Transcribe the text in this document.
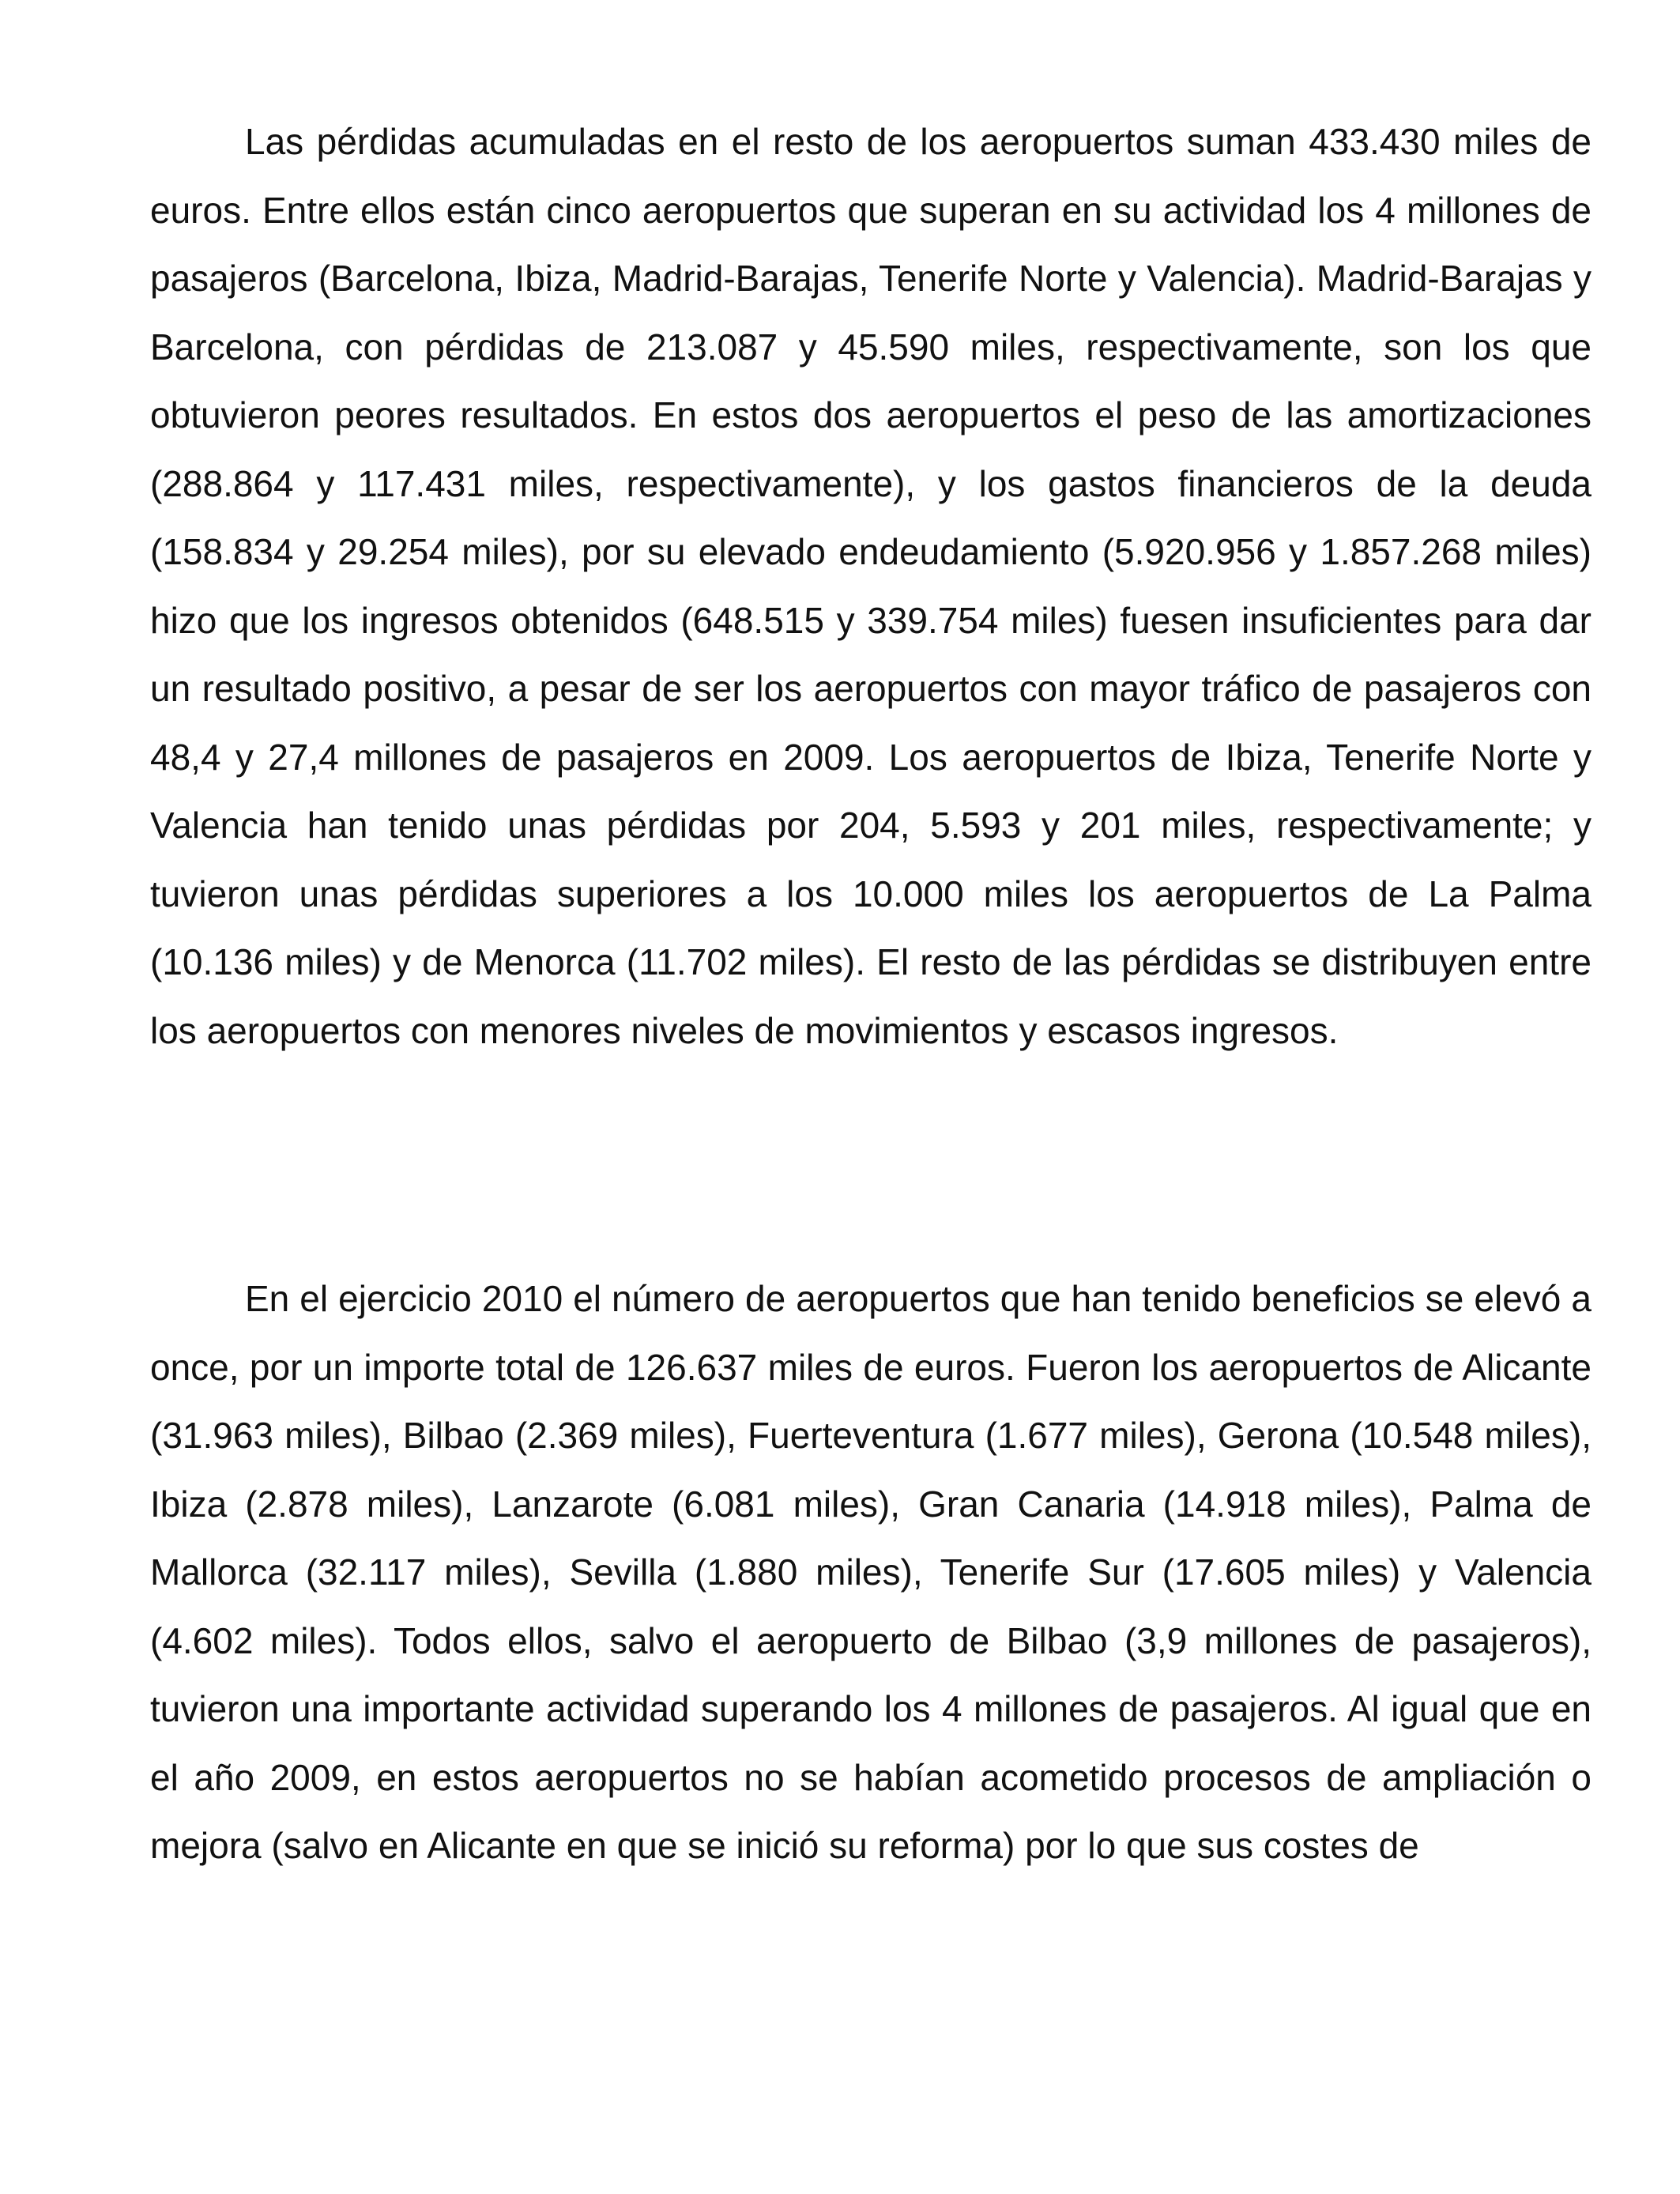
Las pérdidas acumuladas en el resto de los aeropuertos suman 433.430 miles de euros. Entre ellos están cinco aeropuertos que superan en su actividad los 4 millones de pasajeros (Barcelona, Ibiza, Madrid-Barajas, Tenerife Norte y Valencia). Madrid-Barajas y Barcelona, con pérdidas de 213.087 y 45.590 miles, respectivamente, son los que obtuvieron peores resultados. En estos dos aeropuertos el peso de las amortizaciones (288.864 y 117.431 miles, respectivamente), y los gastos financieros de la deuda (158.834 y 29.254 miles), por su elevado endeudamiento (5.920.956 y 1.857.268 miles) hizo que los ingresos obtenidos (648.515 y 339.754 miles) fuesen insuficientes para dar un resultado positivo, a pesar de ser los aeropuertos con mayor tráfico de pasajeros con 48,4 y 27,4 millones de pasajeros en 2009. Los aeropuertos de Ibiza, Tenerife Norte y Valencia han tenido unas pérdidas por 204, 5.593 y 201 miles, respectivamente; y tuvieron unas pérdidas superiores a los 10.000 miles los aeropuertos de La Palma (10.136 miles) y de Menorca (11.702 miles). El resto de las pérdidas se distribuyen entre los aeropuertos con menores niveles de movimientos y escasos ingresos.

En el ejercicio 2010 el número de aeropuertos que han tenido beneficios se elevó a once, por un importe total de 126.637 miles de euros. Fueron los aeropuertos de Alicante (31.963 miles), Bilbao (2.369 miles), Fuerteventura (1.677 miles), Gerona (10.548 miles), Ibiza (2.878 miles), Lanzarote (6.081 miles), Gran Canaria (14.918 miles), Palma de Mallorca (32.117 miles), Sevilla (1.880 miles), Tenerife Sur (17.605 miles) y Valencia (4.602 miles). Todos ellos, salvo el aeropuerto de Bilbao (3,9 millones de pasajeros), tuvieron una importante actividad superando los 4 millones de pasajeros. Al igual que en el año 2009, en estos aeropuertos no se habían acometido procesos de ampliación o mejora (salvo en Alicante en que se inició su reforma) por lo que sus costes de
